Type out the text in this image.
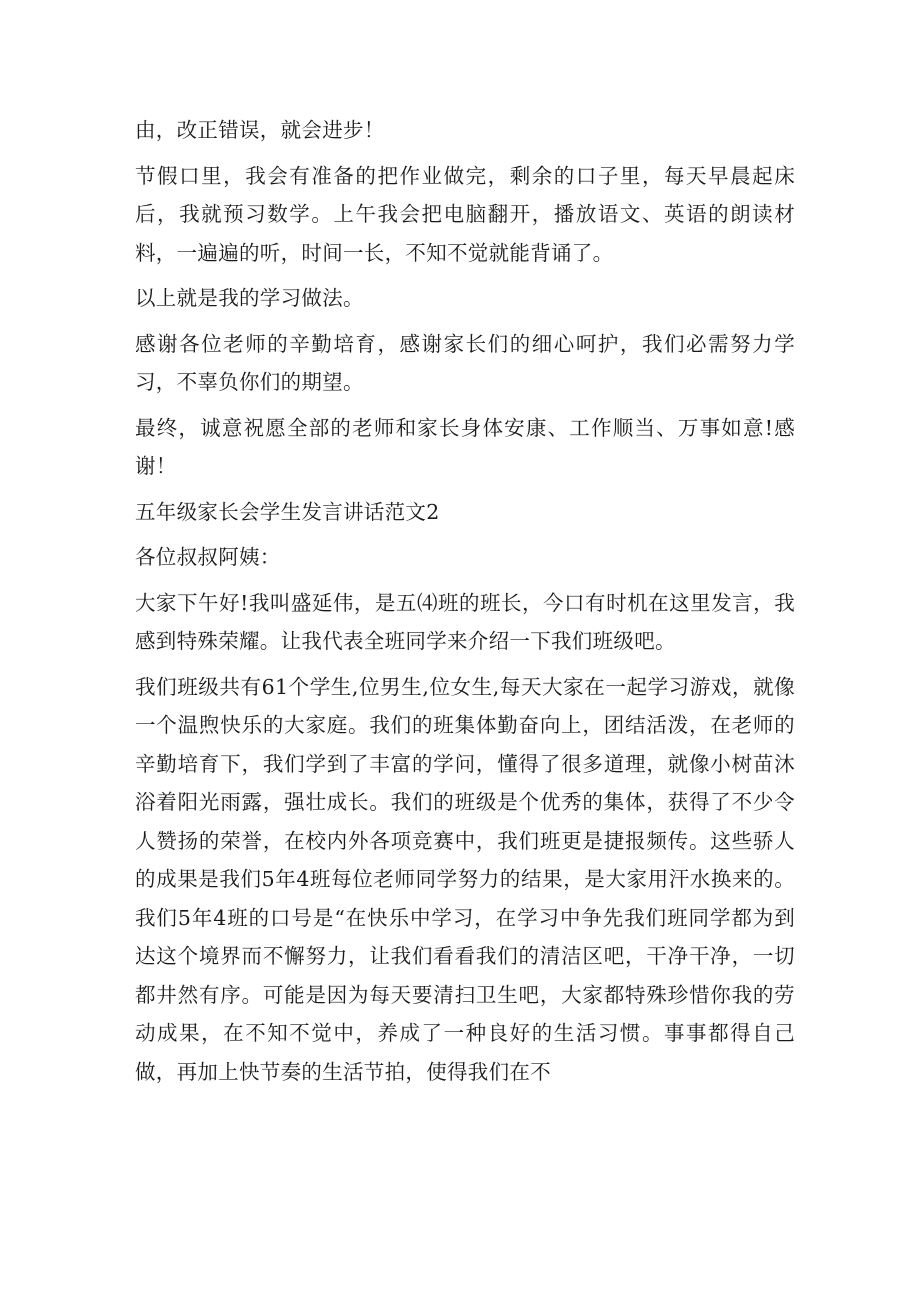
由，改正错误，就会进步！

节假口里，我会有准备的把作业做完，剩余的口子里，每天早晨起床后，我就预习数学。上午我会把电脑翻开，播放语文、英语的朗读材料，一遍遍的听，时间一长，不知不觉就能背诵了。

以上就是我的学习做法。

感谢各位老师的辛勤培育，感谢家长们的细心呵护，我们必需努力学习，不辜负你们的期望。

最终，诚意祝愿全部的老师和家长身体安康、工作顺当、万事如意!感谢！

五年级家长会学生发言讲话范文2

各位叔叔阿姨：

大家下午好!我叫盛延伟，是五⑷班的班长，今口有时机在这里发言，我感到特殊荣耀。让我代表全班同学来介绍一下我们班级吧。

我们班级共有61个学生,位男生,位女生,每天大家在一起学习游戏，就像一个温煦快乐的大家庭。我们的班集体勤奋向上，团结活泼，在老师的辛勤培育下，我们学到了丰富的学问，懂得了很多道理，就像小树苗沐浴着阳光雨露，强壮成长。我们的班级是个优秀的集体，获得了不少令人赞扬的荣誉，在校内外各项竞赛中，我们班更是捷报频传。这些骄人的成果是我们5年4班每位老师同学努力的结果，是大家用汗水换来的。我们5年4班的口号是“在快乐中学习，在学习中争先我们班同学都为到达这个境界而不懈努力，让我们看看我们的清洁区吧，干净干净，一切都井然有序。可能是因为每天要清扫卫生吧，大家都特殊珍惜你我的劳动成果，在不知不觉中，养成了一种良好的生活习惯。事事都得自己做，再加上快节奏的生活节拍，使得我们在不
